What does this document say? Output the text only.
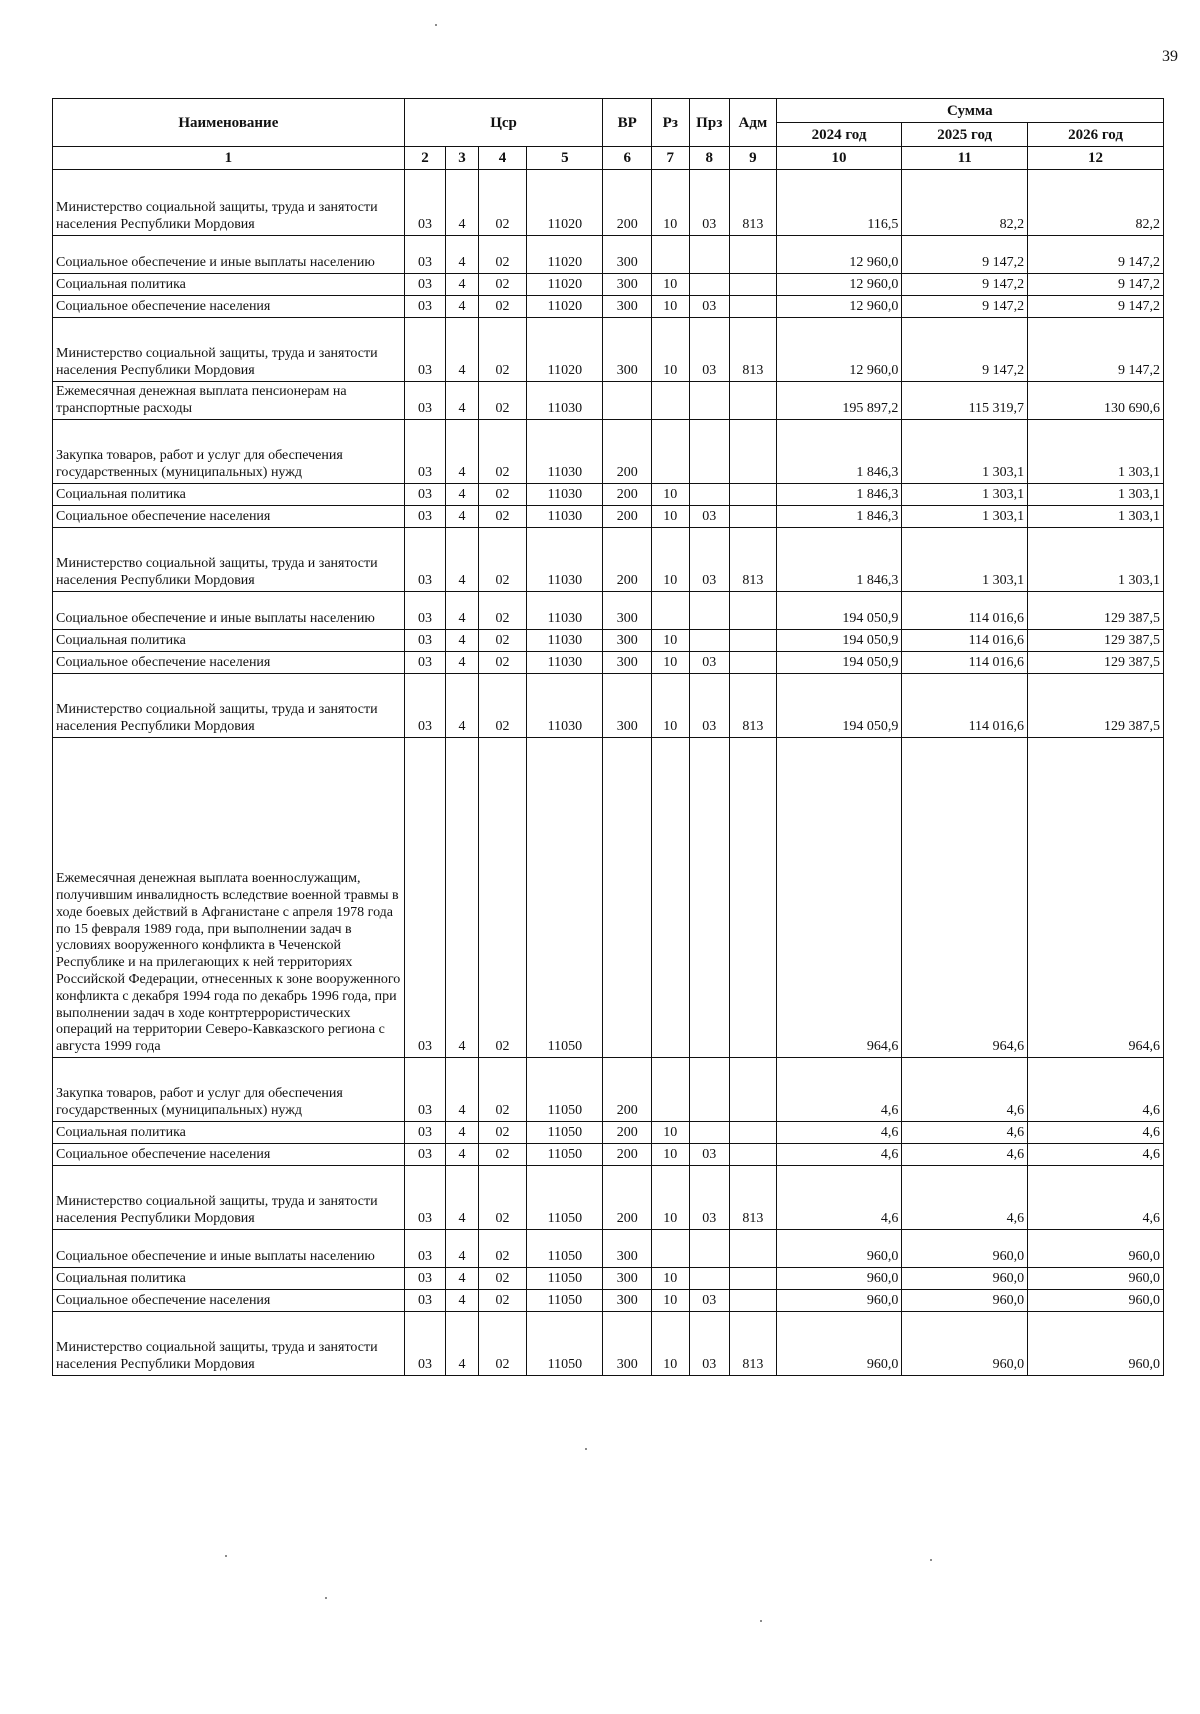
39
Наименование	Цср				ВР	Рз	Прз	Адм	Сумма		
									2024 год	2025 год	2026 год
1	2	3	4	5	6	7	8	9	10	11	12
Министерство социальной защиты, труда и занятости населения Республики Мордовия	03	4	02	11020	200	10	03	813	116,5	82,2	82,2
Социальное обеспечение и иные выплаты населению	03	4	02	11020	300				12 960,0	9 147,2	9 147,2
Социальная политика	03	4	02	11020	300	10			12 960,0	9 147,2	9 147,2
Социальное обеспечение населения	03	4	02	11020	300	10	03		12 960,0	9 147,2	9 147,2
Министерство социальной защиты, труда и занятости населения Республики Мордовия	03	4	02	11020	300	10	03	813	12 960,0	9 147,2	9 147,2
Ежемесячная денежная выплата пенсионерам на транспортные расходы	03	4	02	11030					195 897,2	115 319,7	130 690,6
Закупка товаров, работ и услуг для обеспечения государственных (муниципальных) нужд	03	4	02	11030	200				1 846,3	1 303,1	1 303,1
Социальная политика	03	4	02	11030	200	10			1 846,3	1 303,1	1 303,1
Социальное обеспечение населения	03	4	02	11030	200	10	03		1 846,3	1 303,1	1 303,1
Министерство социальной защиты, труда и занятости населения Республики Мордовия	03	4	02	11030	200	10	03	813	1 846,3	1 303,1	1 303,1
Социальное обеспечение и иные выплаты населению	03	4	02	11030	300				194 050,9	114 016,6	129 387,5
Социальная политика	03	4	02	11030	300	10			194 050,9	114 016,6	129 387,5
Социальное обеспечение населения	03	4	02	11030	300	10	03		194 050,9	114 016,6	129 387,5
Министерство социальной защиты, труда и занятости населения Республики Мордовия	03	4	02	11030	300	10	03	813	194 050,9	114 016,6	129 387,5
Ежемесячная денежная выплата военнослужащим, получившим инвалидность вследствие военной травмы в ходе боевых действий в Афганистане с апреля 1978 года по 15 февраля 1989 года, при выполнении задач в условиях вооруженного конфликта в Чеченской Республике и на прилегающих к ней территориях Российской Федерации, отнесенных к зоне вооруженного конфликта с декабря 1994 года по декабрь 1996 года, при выполнении задач в ходе контртеррористических операций на территории Северо-Кавказского региона с августа 1999 года	03	4	02	11050					964,6	964,6	964,6
Закупка товаров, работ и услуг для обеспечения государственных (муниципальных) нужд	03	4	02	11050	200				4,6	4,6	4,6
Социальная политика	03	4	02	11050	200	10			4,6	4,6	4,6
Социальное обеспечение населения	03	4	02	11050	200	10	03		4,6	4,6	4,6
Министерство социальной защиты, труда и занятости населения Республики Мордовия	03	4	02	11050	200	10	03	813	4,6	4,6	4,6
Социальное обеспечение и иные выплаты населению	03	4	02	11050	300				960,0	960,0	960,0
Социальная политика	03	4	02	11050	300	10			960,0	960,0	960,0
Социальное обеспечение населения	03	4	02	11050	300	10	03		960,0	960,0	960,0
Министерство социальной защиты, труда и занятости населения Республики Мордовия	03	4	02	11050	300	10	03	813	960,0	960,0	960,0
